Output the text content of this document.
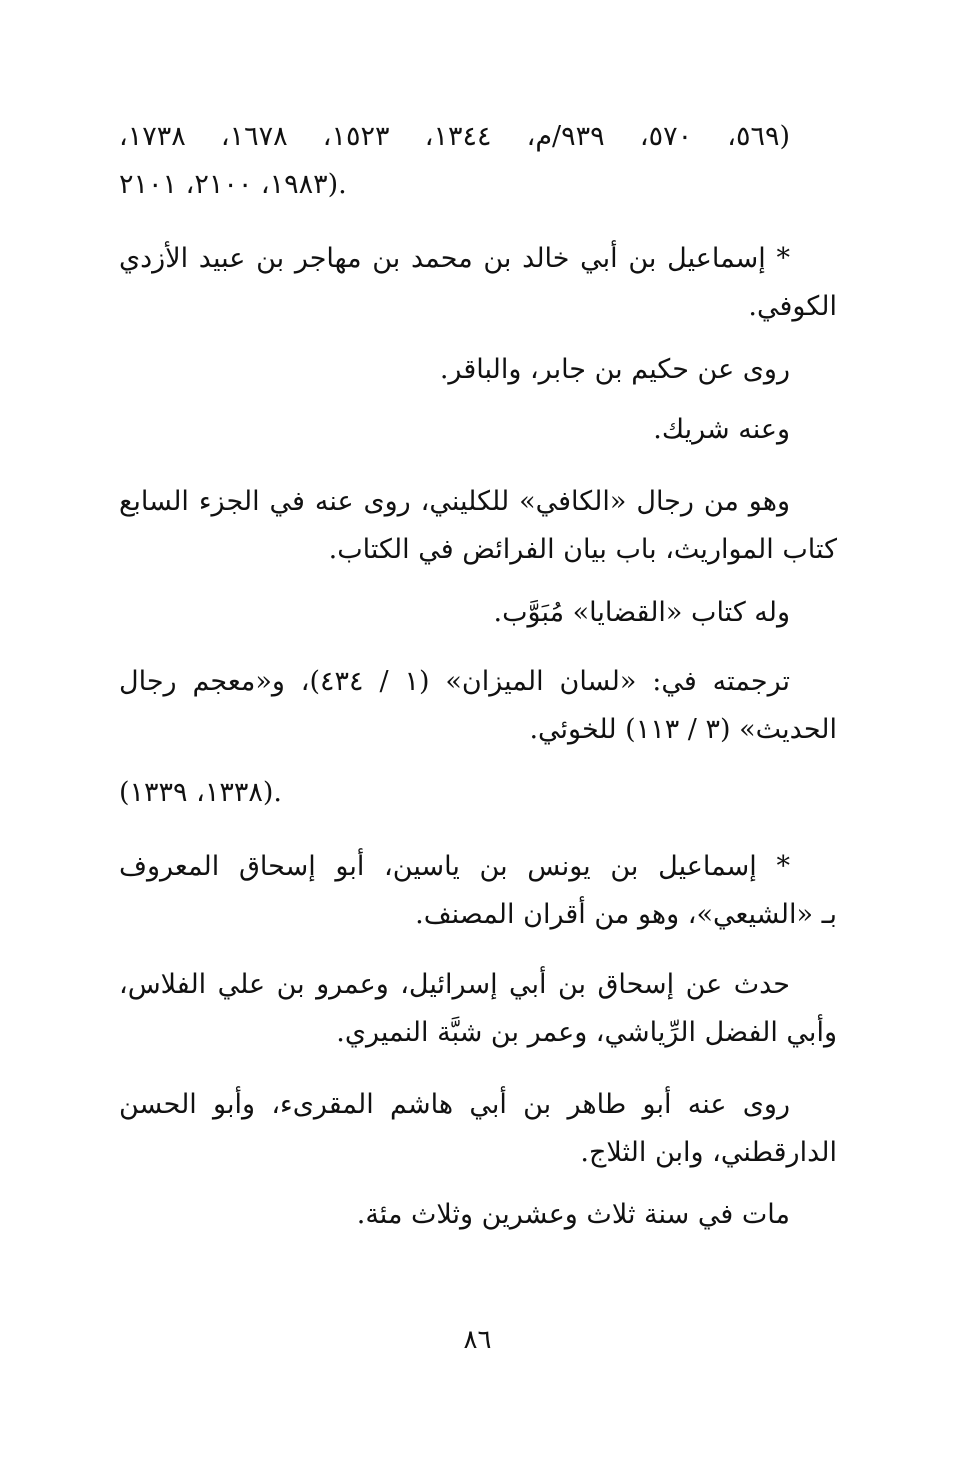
(٥٦٩، ٥٧٠، ٩٣٩/م، ١٣٤٤، ١٥٢٣، ١٦٧٨، ١٧٣٨،
١٩٨٣، ٢١٠٠، ٢١٠١).
* إسماعيل بن أبي خالد بن محمد بن مهاجر بن عبيد الأزدي
الكوفي.
روى عن حكيم بن جابر، والباقر.
وعنه شريك.
وهو من رجال «الكافي» للكليني، روى عنه في الجزء السابع
كتاب المواريث، باب بيان الفرائض في الكتاب.
وله كتاب «القضايا» مُبَوَّب.
ترجمته في: «لسان الميزان» (١ / ٤٣٤)، و«معجم رجال
الحديث» (٣ / ١١٣) للخوئي.
(١٣٣٨، ١٣٣٩).
* إسماعيل بن يونس بن ياسين، أبو إسحاق المعروف
بـ «الشيعي»، وهو من أقران المصنف.
حدث عن إسحاق بن أبي إسرائيل، وعمرو بن علي الفلاس،
وأبي الفضل الرِّياشي، وعمر بن شبَّة النميري.
روى عنه أبو طاهر بن أبي هاشم المقرىء، وأبو الحسن
الدارقطني، وابن الثلاج.
مات في سنة ثلاث وعشرين وثلاث مئة.
٨٦
